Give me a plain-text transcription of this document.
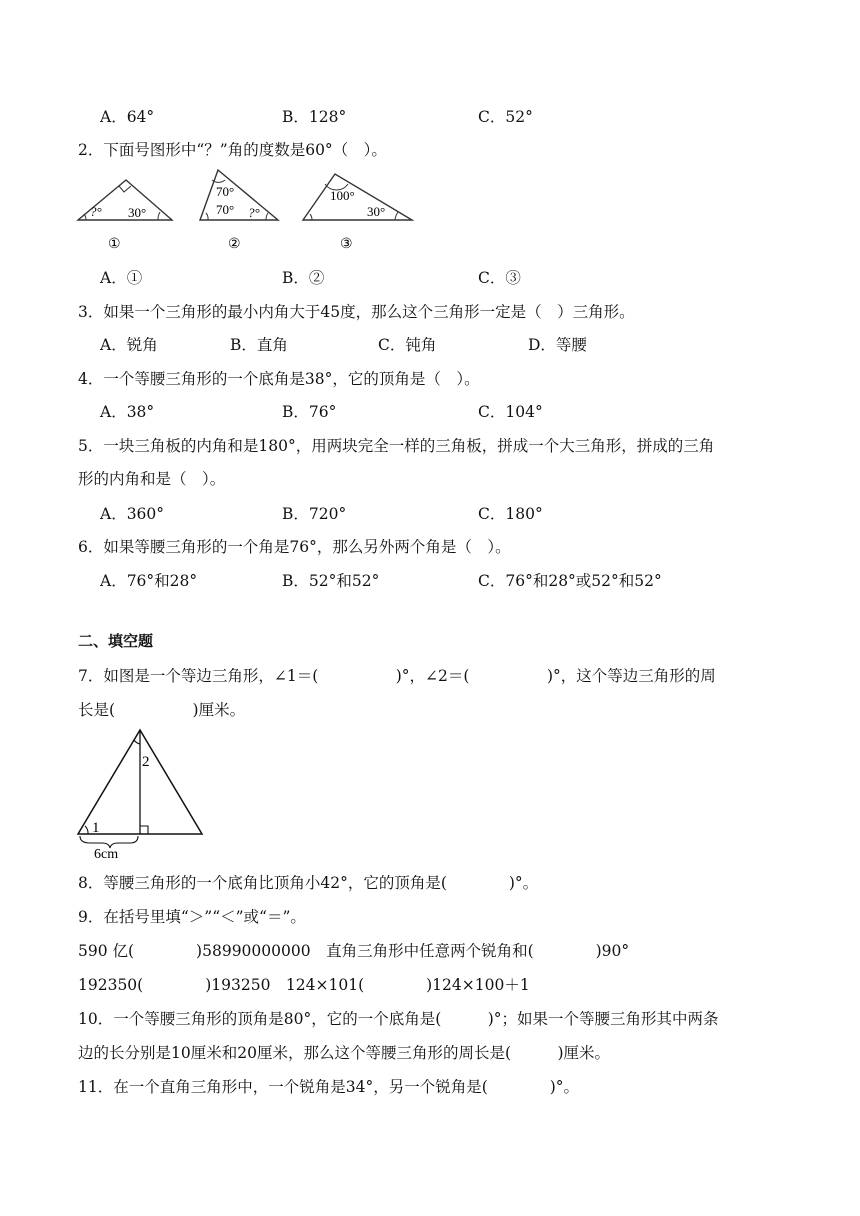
A．64°	B．128°	C．52°
2．下面号图形中“？”角的度数是60°（　）。
?° 30°
①
70°
70° ?°
②
100°
30°
③
A．①	B．②	C．③
3．如果一个三角形的最小内角大于45度，那么这个三角形一定是（　）三角形。
A．锐角	B．直角	C．钝角	D．等腰
4．一个等腰三角形的一个底角是38°，它的顶角是（　）。
A．38°	B．76°	C．104°
5．一块三角板的内角和是180°，用两块完全一样的三角板，拼成一个大三角形，拼成的三角
形的内角和是（　）。
A．360°	B．720°	C．180°
6．如果等腰三角形的一个角是76°，那么另外两个角是（　）。
A．76°和28°	B．52°和52°	C．76°和28°或52°和52°
二、填空题
7．如图是一个等边三角形，∠1＝(　　　　　)°，∠2＝(　　　　　)°，这个等边三角形的周
长是(　　　　　)厘米。
2
1
6cm
8．等腰三角形的一个底角比顶角小42°，它的顶角是(　　　　)°。
9．在括号里填“＞”“＜”或“＝”。
590 亿(　　　　)58990000000　直角三角形中任意两个锐角和(　　　　)90°
192350(　　　　)193250　124×101(　　　　)124×100＋1
10．一个等腰三角形的顶角是80°，它的一个底角是(　　　)°；如果一个等腰三角形其中两条
边的长分别是10厘米和20厘米，那么这个等腰三角形的周长是(　　　)厘米。
11．在一个直角三角形中，一个锐角是34°，另一个锐角是(　　　　)°。
